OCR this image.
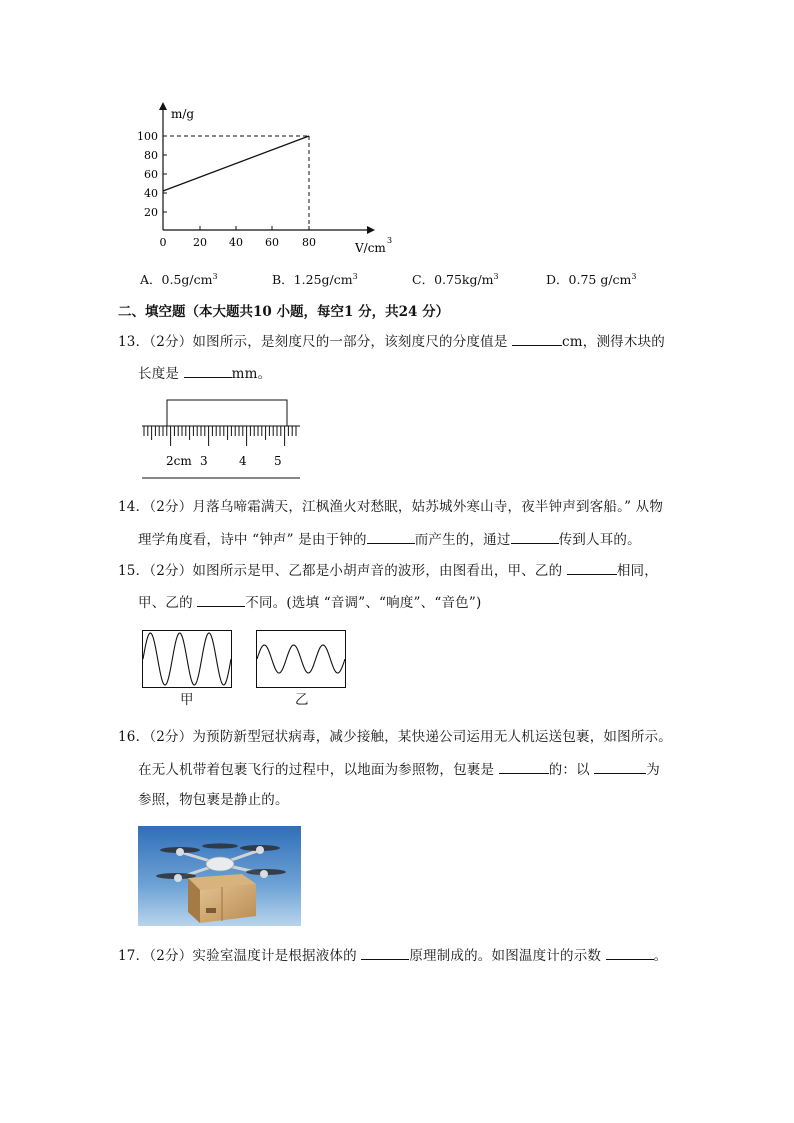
m/g
100
80
60
40
20
0 20 40 60 80	V/cm
3
A．$0.5g/cm^3$	B．$1.25g/cm^3$	C．$0.75kg/m^3$	D．0.75 $g/cm^3$
二、填空题（本大题共10 小题，每空1 分，共24 分）
13．（2分）如图所示，是刻度尺的一部分，该刻度尺的分度值是	cm，测得木块的
长度是	mm。
2cm 3	4 5
14．（2分）月落乌啼霜满天，江枫渔火对愁眠，姑苏城外寒山寺，夜半钟声到客船。” 从物
理学角度看，诗中 “钟声” 是由于钟的	而产生的，通过	传到人耳的。
15．（2分）如图所示是甲、乙都是小胡声音的波形，由图看出，甲、乙的	相同，
甲、乙的	不同。(选填 “音调”、“响度”、“音色”)
甲	乙
16．（2分）为预防新型冠状病毒，减少接触，某快递公司运用无人机运送包裹，如图所示。
在无人机带着包裹飞行的过程中，以地面为参照物，包裹是	的：以	为
参照，物包裹是静止的。
17．（2分）实验室温度计是根据液体的	原理制成的。如图温度计的示数	。
